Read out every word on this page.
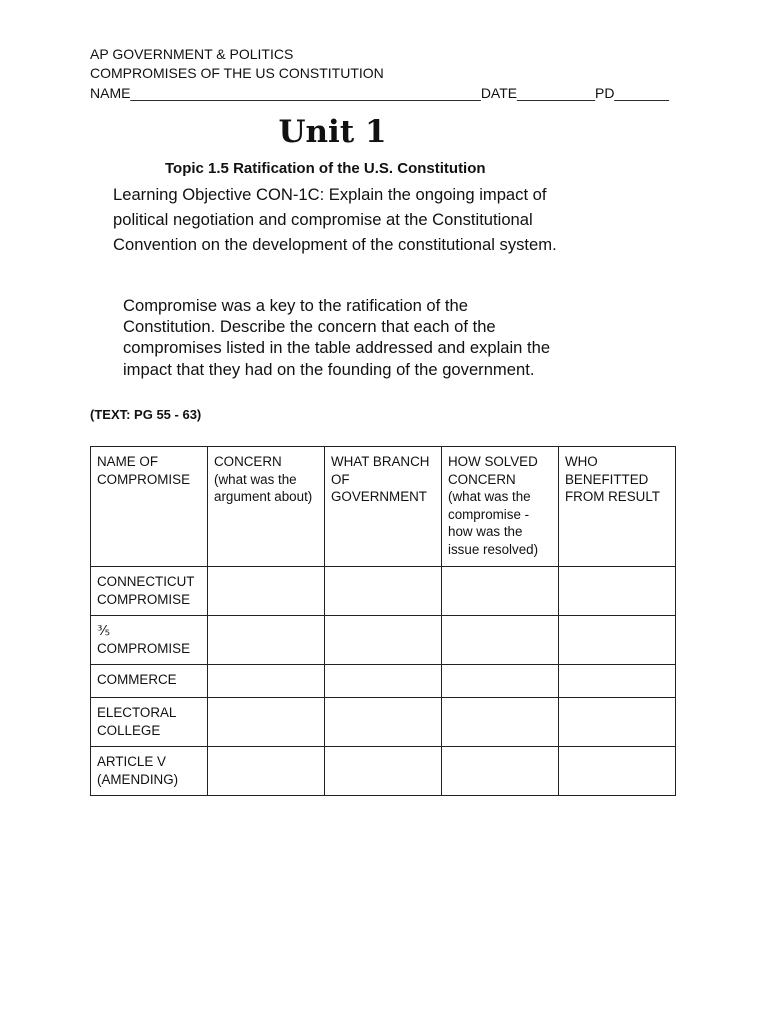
AP GOVERNMENT & POLITICS
COMPROMISES OF THE US CONSTITUTION
NAME_____________________________________________DATE__________PD_______
Unit 1
Topic 1.5 Ratification of the U.S. Constitution
Learning Objective CON-1C: Explain the ongoing impact of political negotiation and compromise at the Constitutional Convention on the development of the constitutional system.
Compromise was a key to the ratification of the Constitution. Describe the concern that each of the compromises listed in the table addressed and explain the impact that they had on the founding of the government.
(TEXT: PG 55 - 63)
NAME OF COMPROMISE	CONCERN (what was the argument about)	WHAT BRANCH OF GOVERNMENT	HOW SOLVED CONCERN (what was the compromise - how was the issue resolved)	WHO BENEFITTED FROM RESULT
CONNECTICUT COMPROMISE				
⅗ COMPROMISE				
COMMERCE				
ELECTORAL COLLEGE				
ARTICLE V (AMENDING)				
